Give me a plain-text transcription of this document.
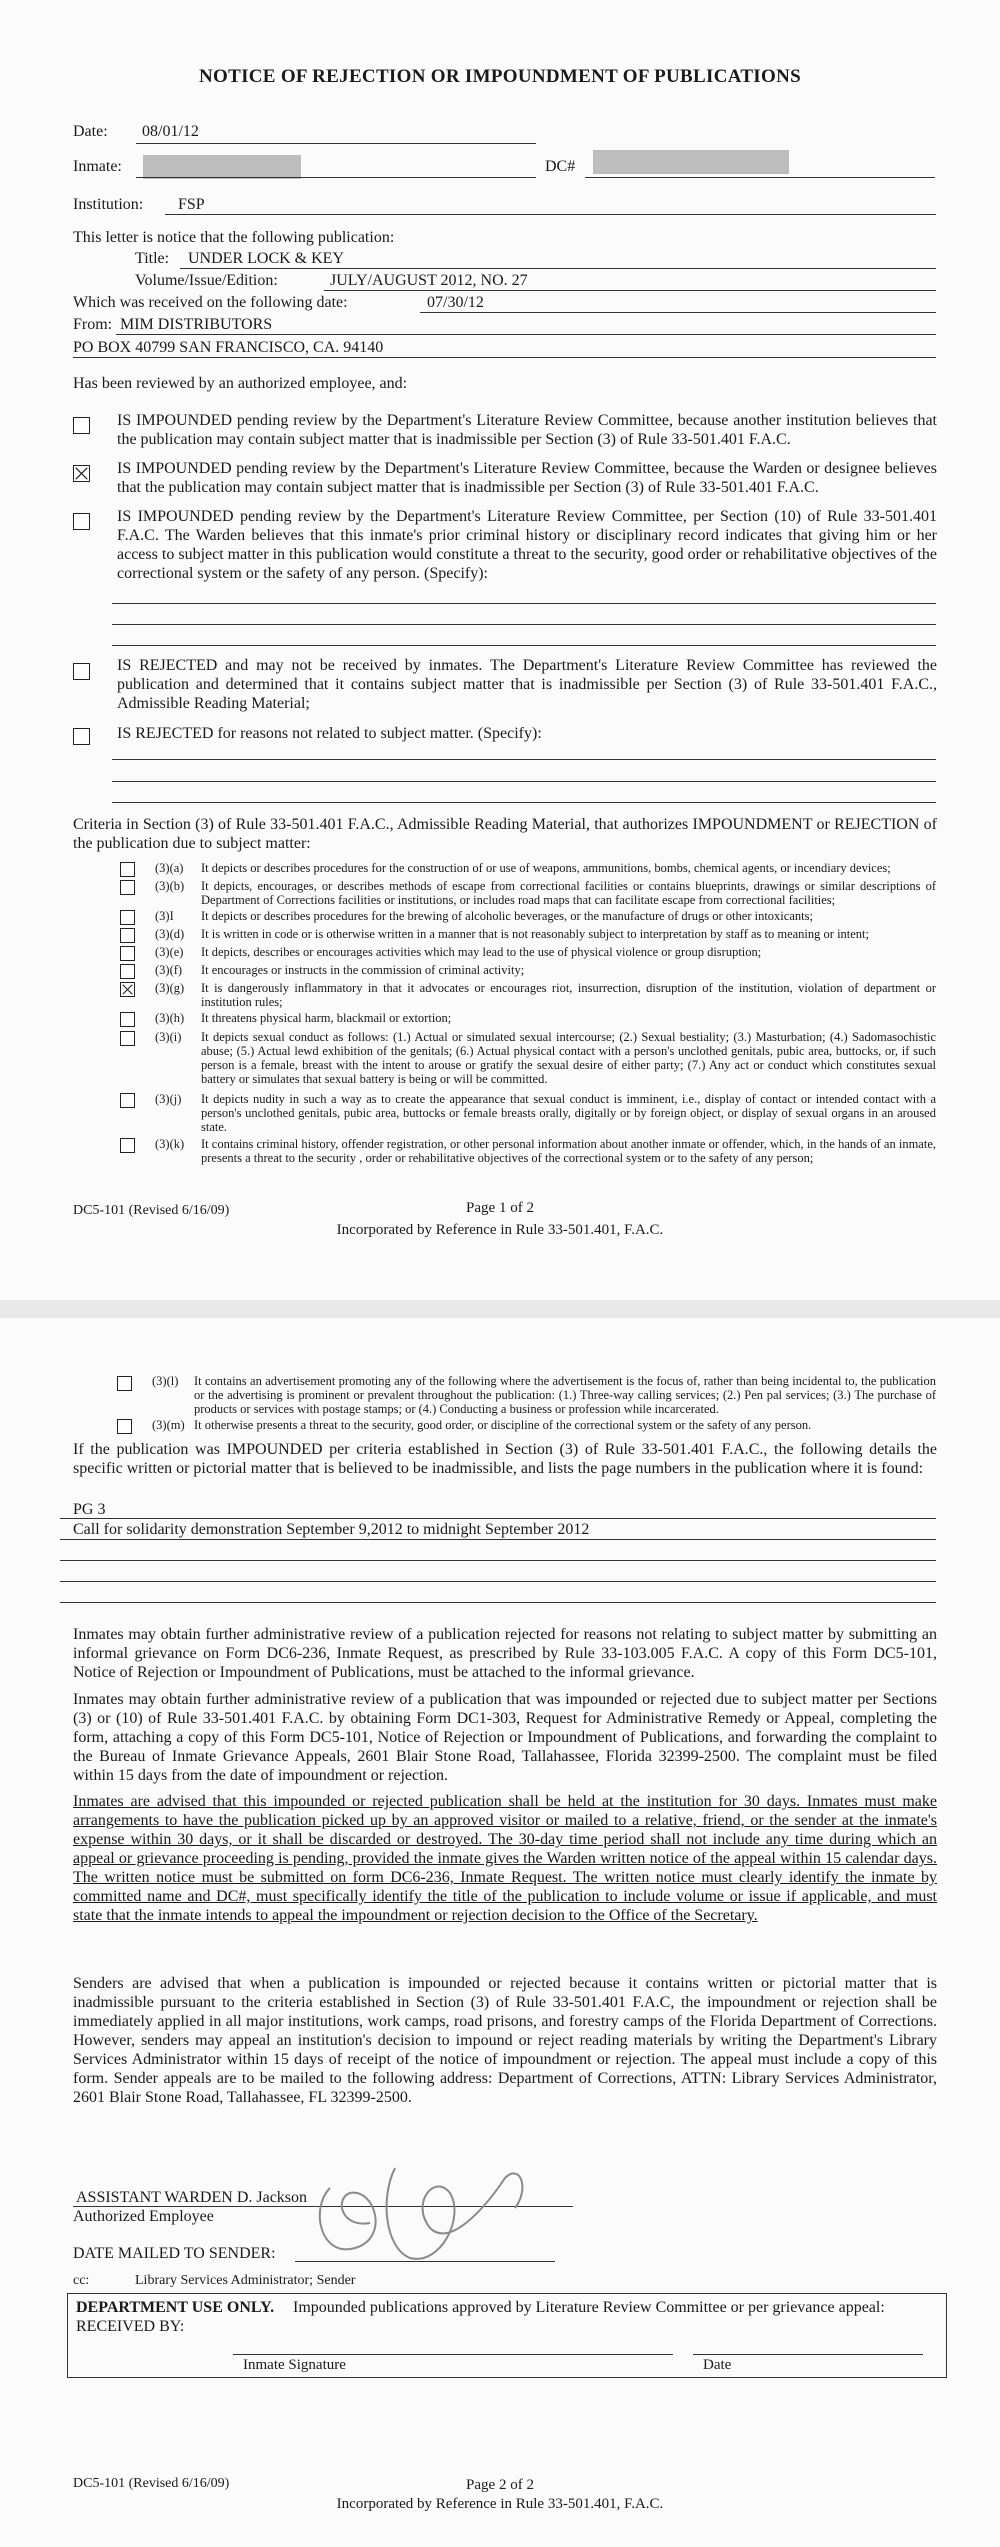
NOTICE OF REJECTION OR IMPOUNDMENT OF PUBLICATIONS
Date: 08/01/12
Inmate:	DC#
Institution: FSP
This letter is notice that the following publication:
Title: UNDER LOCK & KEY
Volume/Issue/Edition:	JULY/AUGUST 2012, NO. 27
Which was received on the following date:	07/30/12
From: MIM DISTRIBUTORS
PO BOX 40799 SAN FRANCISCO, CA. 94140
Has been reviewed by an authorized employee, and:
IS IMPOUNDED pending review by the Department's Literature Review Committee, because another institution believes that the publication may contain subject matter that is inadmissible per Section (3) of Rule 33-501.401 F.A.C.
IS IMPOUNDED pending review by the Department's Literature Review Committee, because the Warden or designee believes that the publication may contain subject matter that is inadmissible per Section (3) of Rule 33-501.401 F.A.C.
IS IMPOUNDED pending review by the Department's Literature Review Committee, per Section (10) of Rule 33-501.401 F.A.C. The Warden believes that this inmate's prior criminal history or disciplinary record indicates that giving him or her access to subject matter in this publication would constitute a threat to the security, good order or rehabilitative objectives of the correctional system or the safety of any person. (Specify):
IS REJECTED and may not be received by inmates. The Department's Literature Review Committee has reviewed the publication and determined that it contains subject matter that is inadmissible per Section (3) of Rule 33-501.401 F.A.C., Admissible Reading Material;
IS REJECTED for reasons not related to subject matter. (Specify):
Criteria in Section (3) of Rule 33-501.401 F.A.C., Admissible Reading Material, that authorizes IMPOUNDMENT or REJECTION of the publication due to subject matter:
(3)(a) It depicts or describes procedures for the construction of or use of weapons, ammunitions, bombs, chemical agents, or incendiary devices;
(3)(b) It depicts, encourages, or describes methods of escape from correctional facilities or contains blueprints, drawings or similar descriptions of Department of Corrections facilities or institutions, or includes road maps that can facilitate escape from correctional facilities;
(3)I It depicts or describes procedures for the brewing of alcoholic beverages, or the manufacture of drugs or other intoxicants;
(3)(d) It is written in code or is otherwise written in a manner that is not reasonably subject to interpretation by staff as to meaning or intent;
(3)(e) It depicts, describes or encourages activities which may lead to the use of physical violence or group disruption;
(3)(f) It encourages or instructs in the commission of criminal activity;
(3)(g) It is dangerously inflammatory in that it advocates or encourages riot, insurrection, disruption of the institution, violation of department or institution rules;
(3)(h) It threatens physical harm, blackmail or extortion;
(3)(i) It depicts sexual conduct as follows: (1.) Actual or simulated sexual intercourse; (2.) Sexual bestiality; (3.) Masturbation; (4.) Sadomasochistic abuse; (5.) Actual lewd exhibition of the genitals; (6.) Actual physical contact with a person's unclothed genitals, pubic area, buttocks, or, if such person is a female, breast with the intent to arouse or gratify the sexual desire of either party; (7.) Any act or conduct which constitutes sexual battery or simulates that sexual battery is being or will be committed.
(3)(j) It depicts nudity in such a way as to create the appearance that sexual conduct is imminent, i.e., display of contact or intended contact with a person's unclothed genitals, pubic area, buttocks or female breasts orally, digitally or by foreign object, or display of sexual organs in an aroused state.
(3)(k) It contains criminal history, offender registration, or other personal information about another inmate or offender, which, in the hands of an inmate, presents a threat to the security , order or rehabilitative objectives of the correctional system or to the safety of any person;
DC5-101 (Revised 6/16/09)	Page 1 of 2
Incorporated by Reference in Rule 33-501.401, F.A.C.
(3)(l) It contains an advertisement promoting any of the following where the advertisement is the focus of, rather than being incidental to, the publication or the advertising is prominent or prevalent throughout the publication: (1.) Three-way calling services; (2.) Pen pal services; (3.) The purchase of products or services with postage stamps; or (4.) Conducting a business or profession while incarcerated.
(3)(m) It otherwise presents a threat to the security, good order, or discipline of the correctional system or the safety of any person.
If the publication was IMPOUNDED per criteria established in Section (3) of Rule 33-501.401 F.A.C., the following details the specific written or pictorial matter that is believed to be inadmissible, and lists the page numbers in the publication where it is found:
PG 3
Call for solidarity demonstration September 9,2012 to midnight September 2012
Inmates may obtain further administrative review of a publication rejected for reasons not relating to subject matter by submitting an informal grievance on Form DC6-236, Inmate Request, as prescribed by Rule 33-103.005 F.A.C. A copy of this Form DC5-101, Notice of Rejection or Impoundment of Publications, must be attached to the informal grievance.
Inmates may obtain further administrative review of a publication that was impounded or rejected due to subject matter per Sections (3) or (10) of Rule 33-501.401 F.A.C. by obtaining Form DC1-303, Request for Administrative Remedy or Appeal, completing the form, attaching a copy of this Form DC5-101, Notice of Rejection or Impoundment of Publications, and forwarding the complaint to the Bureau of Inmate Grievance Appeals, 2601 Blair Stone Road, Tallahassee, Florida 32399-2500. The complaint must be filed within 15 days from the date of impoundment or rejection.
Inmates are advised that this impounded or rejected publication shall be held at the institution for 30 days. Inmates must make arrangements to have the publication picked up by an approved visitor or mailed to a relative, friend, or the sender at the inmate's expense within 30 days, or it shall be discarded or destroyed. The 30-day time period shall not include any time during which an appeal or grievance proceeding is pending, provided the inmate gives the Warden written notice of the appeal within 15 calendar days. The written notice must be submitted on form DC6-236, Inmate Request. The written notice must clearly identify the inmate by committed name and DC#, must specifically identify the title of the publication to include volume or issue if applicable, and must state that the inmate intends to appeal the impoundment or rejection decision to the Office of the Secretary.
Senders are advised that when a publication is impounded or rejected because it contains written or pictorial matter that is inadmissible pursuant to the criteria established in Section (3) of Rule 33-501.401 F.A.C, the impoundment or rejection shall be immediately applied in all major institutions, work camps, road prisons, and forestry camps of the Florida Department of Corrections. However, senders may appeal an institution's decision to impound or reject reading materials by writing the Department's Library Services Administrator within 15 days of receipt of the notice of impoundment or rejection. The appeal must include a copy of this form. Sender appeals are to be mailed to the following address: Department of Corrections, ATTN: Library Services Administrator, 2601 Blair Stone Road, Tallahassee, FL 32399-2500.
ASSISTANT WARDEN D. Jackson
Authorized Employee
DATE MAILED TO SENDER:
cc:	Library Services Administrator; Sender
DEPARTMENT USE ONLY. Impounded publications approved by Literature Review Committee or per grievance appeal:
RECEIVED BY:
Inmate Signature	Date
DC5-101 (Revised 6/16/09)	Page 2 of 2
Incorporated by Reference in Rule 33-501.401, F.A.C.
